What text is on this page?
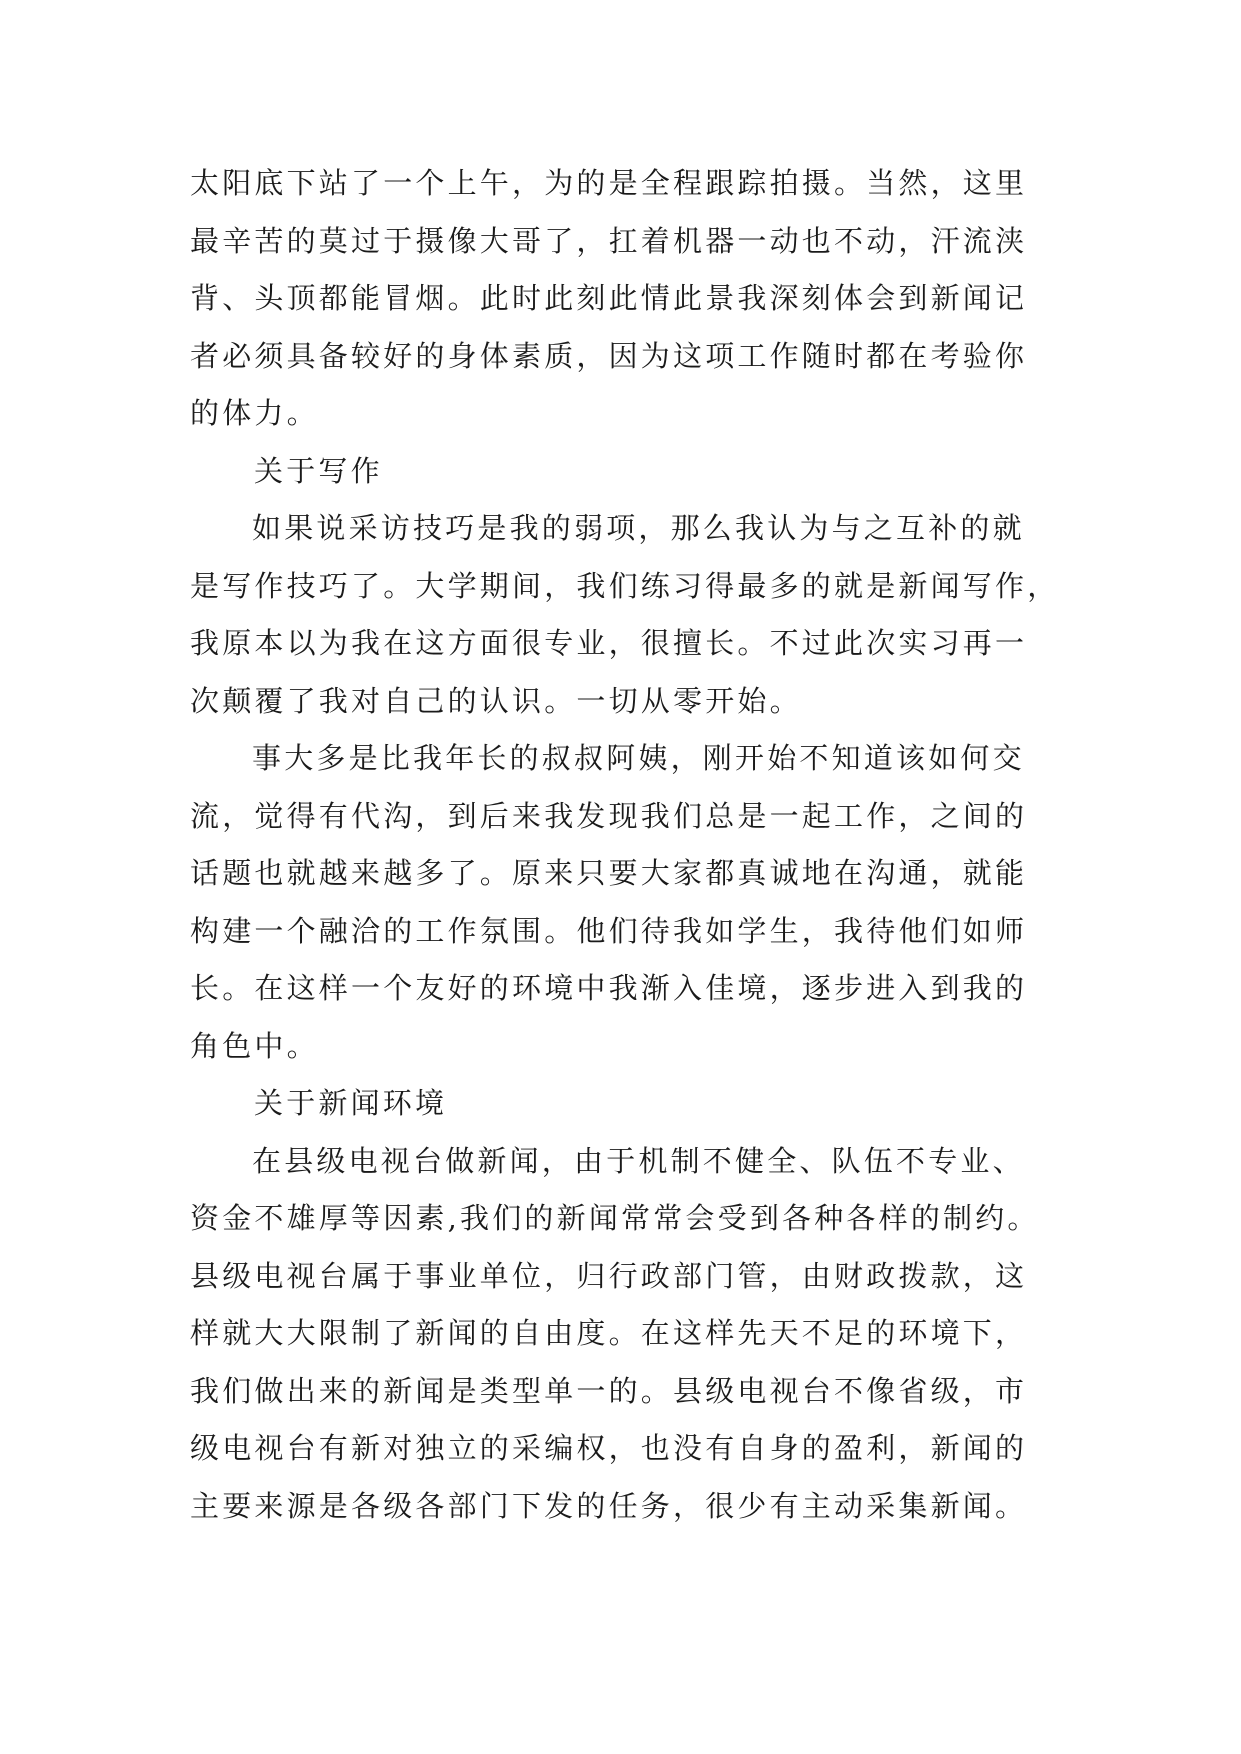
太阳底下站了一个上午，为的是全程跟踪拍摄。当然，这里
最辛苦的莫过于摄像大哥了，扛着机器一动也不动，汗流浃
背、头顶都能冒烟。此时此刻此情此景我深刻体会到新闻记
者必须具备较好的身体素质，因为这项工作随时都在考验你
的体力。
关于写作
如果说采访技巧是我的弱项，那么我认为与之互补的就
是写作技巧了。大学期间，我们练习得最多的就是新闻写作，
我原本以为我在这方面很专业，很擅长。不过此次实习再一
次颠覆了我对自己的认识。一切从零开始。
事大多是比我年长的叔叔阿姨，刚开始不知道该如何交
流，觉得有代沟，到后来我发现我们总是一起工作，之间的
话题也就越来越多了。原来只要大家都真诚地在沟通，就能
构建一个融洽的工作氛围。他们待我如学生，我待他们如师
长。在这样一个友好的环境中我渐入佳境，逐步进入到我的
角色中。
关于新闻环境
在县级电视台做新闻，由于机制不健全、队伍不专业、
资金不雄厚等因素,我们的新闻常常会受到各种各样的制约。
县级电视台属于事业单位，归行政部门管，由财政拨款，这
样就大大限制了新闻的自由度。在这样先天不足的环境下，
我们做出来的新闻是类型单一的。县级电视台不像省级，市
级电视台有新对独立的采编权，也没有自身的盈利，新闻的
主要来源是各级各部门下发的任务，很少有主动采集新闻。
